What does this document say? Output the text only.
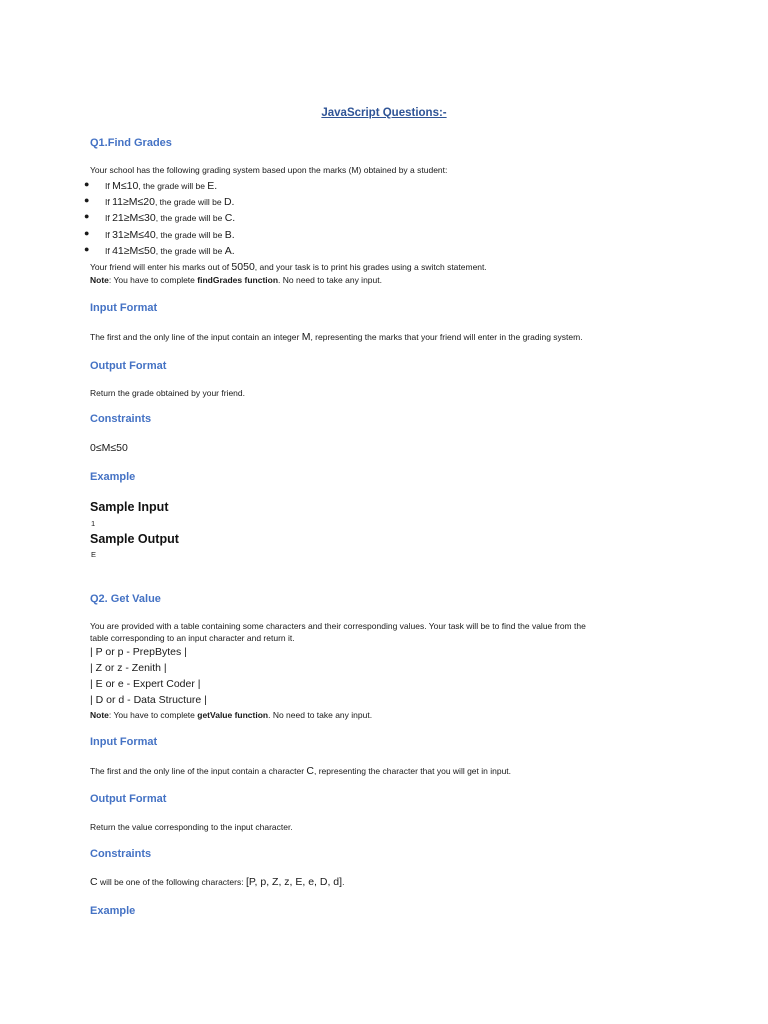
JavaScript Questions:-
Q1.Find Grades
Your school has the following grading system based upon the marks (M) obtained by a student:
● If M≤10, the grade will be E.
● If 11≥M≤20, the grade will be D.
● If 21≥M≤30, the grade will be C.
● If 31≥M≤40, the grade will be B.
● If 41≥M≤50, the grade will be A.
Your friend will enter his marks out of 5050, and your task is to print his grades using a switch statement.
Note: You have to complete findGrades function. No need to take any input.
Input Format
The first and the only line of the input contain an integer M, representing the marks that your friend will enter in the grading system.
Output Format
Return the grade obtained by your friend.
Constraints
0≤M≤50
Example
Sample Input
1
Sample Output
E
Q2. Get Value
You are provided with a table containing some characters and their corresponding values. Your task will be to find the value from the
table corresponding to an input character and return it.
| P or p - PrepBytes |
| Z or z - Zenith |
| E or e - Expert Coder |
| D or d - Data Structure |
Note: You have to complete getValue function. No need to take any input.
Input Format
The first and the only line of the input contain a character C, representing the character that you will get in input.
Output Format
Return the value corresponding to the input character.
Constraints
C will be one of the following characters: [P, p, Z, z, E, e, D, d].
Example
